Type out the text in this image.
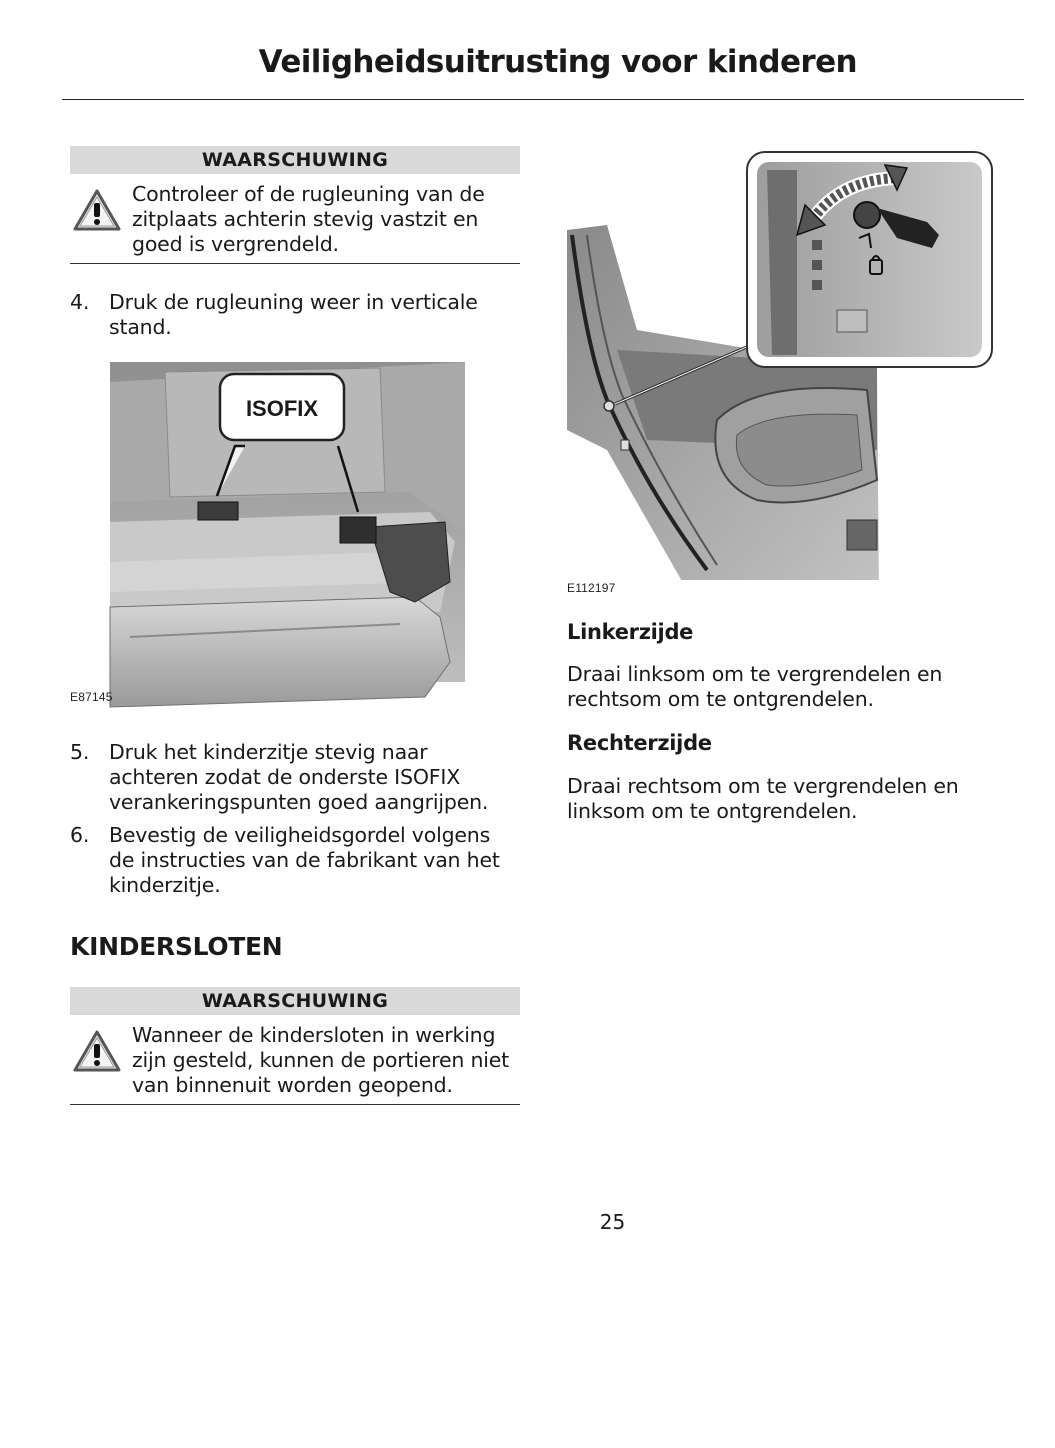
Veiligheidsuitrusting voor kinderen
WAARSCHUWING

Controleer of de rugleuning van de zitplaats achterin stevig vastzit en goed is vergrendeld.

4. Druk de rugleuning weer in verticale stand.
ISOFIX
E87145
5. Druk het kinderzitje stevig naar achteren zodat de onderste ISOFIX verankeringspunten goed aangrijpen.
6. Bevestig de veiligheidsgordel volgens de instructies van de fabrikant van het kinderzitje.
KINDERSLOTEN
WAARSCHUWING

Wanneer de kindersloten in werking zijn gesteld, kunnen de portieren niet van binnenuit worden geopend.

25
E112197
Linkerzijde

Draai linksom om te vergrendelen en rechtsom om te ontgrendelen.

Rechterzijde

Draai rechtsom om te vergrendelen en linksom om te ontgrendelen.
